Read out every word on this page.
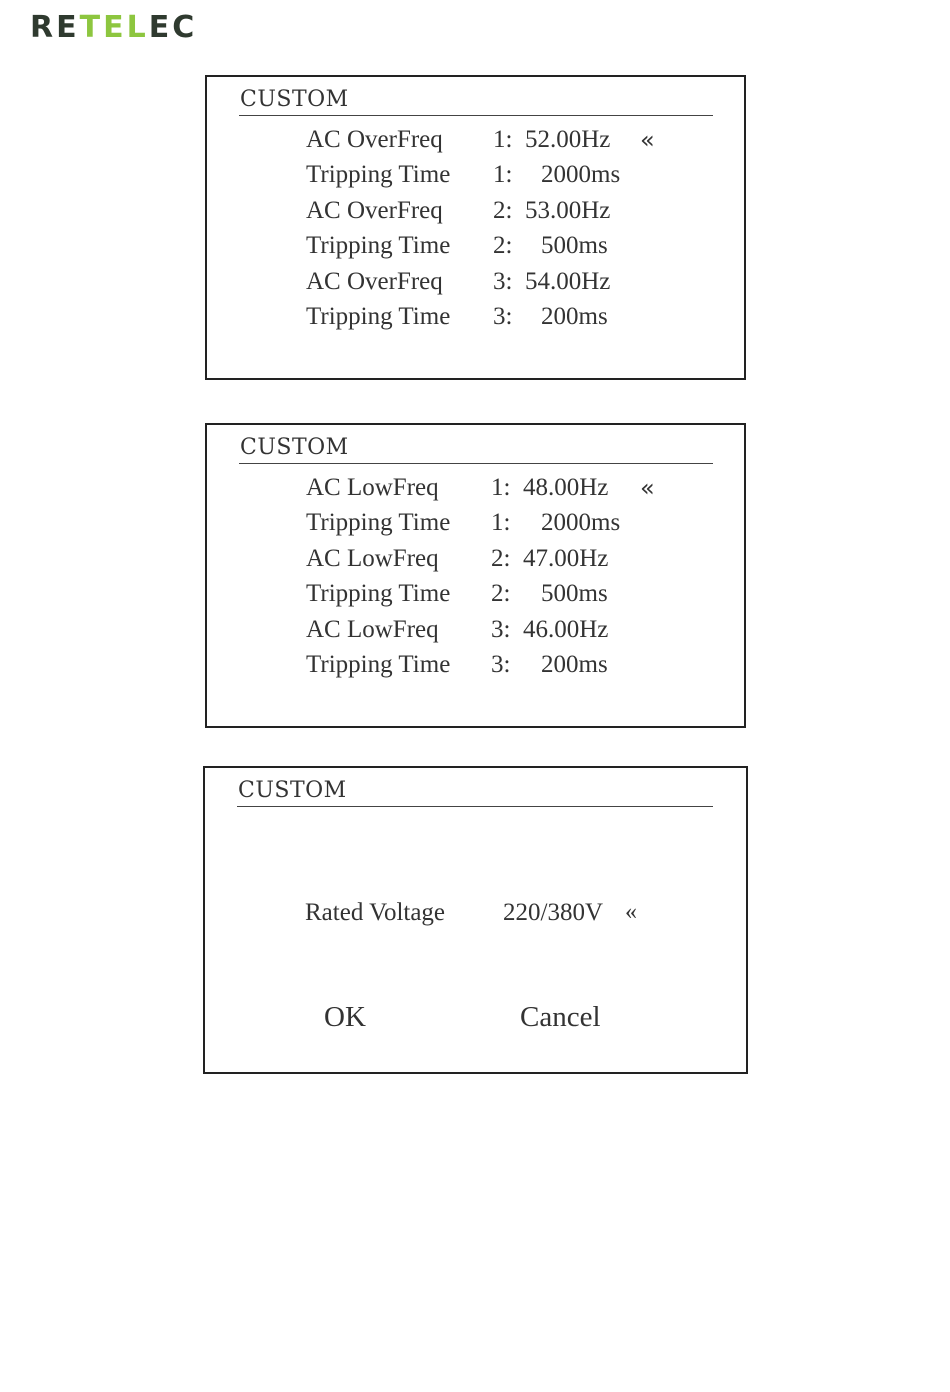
RETELEC
CUSTOM
AC OverFreq 1: 52.00Hz «
Tripping Time 1: 2000ms
AC OverFreq 2: 53.00Hz
Tripping Time 2: 500ms
AC OverFreq 3: 54.00Hz
Tripping Time 3: 200ms
CUSTOM
AC LowFreq 1: 48.00Hz «
Tripping Time 1: 2000ms
AC LowFreq 2: 47.00Hz
Tripping Time 2: 500ms
AC LowFreq 3: 46.00Hz
Tripping Time 3: 200ms
CUSTOM
Rated Voltage 220/380V «
OK	Cancel
